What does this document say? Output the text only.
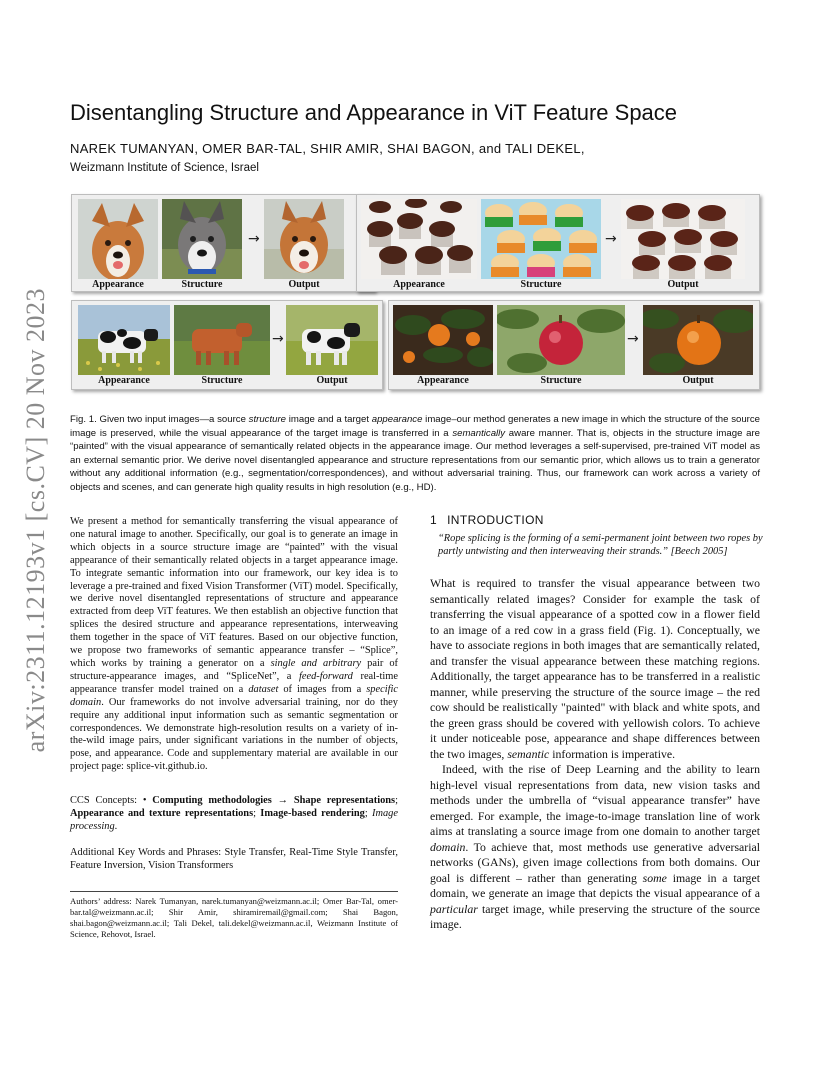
arXiv:2311.12193v1 [cs.CV] 20 Nov 2023
Disentangling Structure and Appearance in ViT Feature Space
NAREK TUMANYAN, OMER BAR-TAL, SHIR AMIR, SHAI BAGON, and TALI DEKEL,
Weizmann Institute of Science, Israel
→
Appearance	Structure	Output
→
Appearance	Structure	Output
→
Appearance	Structure	Output
→
Appearance	Structure	Output
Fig. 1. Given two input images—a source structure image and a target appearance image–our method generates a new image in which the structure of the source image is preserved, while the visual appearance of the target image is transferred in a semantically aware manner. That is, objects in the structure image are “painted” with the visual appearance of semantically related objects in the appearance image. Our method leverages a self-supervised, pre-trained ViT model as an external semantic prior. We derive novel disentangled appearance and structure representations from our semantic prior, which allows us to train a generator without any additional information (e.g., segmentation/correspondences), and without adversarial training. Thus, our framework can work across a variety of objects and scenes, and can generate high quality results in high resolution (e.g., HD).
We present a method for semantically transferring the visual appearance of one natural image to another. Specifically, our goal is to generate an image in which objects in a source structure image are “painted” with the visual appearance of their semantically related objects in a target appearance image. To integrate semantic information into our framework, our key idea is to leverage a pre-trained and fixed Vision Transformer (ViT) model. Specifically, we derive novel disentangled representations of structure and appearance extracted from deep ViT features. We then establish an objective function that splices the desired structure and appearance representations, interweaving them together in the space of ViT features. Based on our objective function, we propose two frameworks of semantic appearance transfer – “Splice”, which works by training a generator on a single and arbitrary pair of structure-appearance images, and “SpliceNet”, a feed-forward real-time appearance transfer model trained on a dataset of images from a specific domain. Our frameworks do not involve adversarial training, nor do they require any additional input information such as semantic segmentation or correspondences. We demonstrate high-resolution results on a variety of in-the-wild image pairs, under significant variations in the number of objects, pose, and appearance. Code and supplementary material are available in our project page: splice-vit.github.io.
CCS Concepts: • Computing methodologies → Shape representations; Appearance and texture representations; Image-based rendering; Image processing.
Additional Key Words and Phrases: Style Transfer, Real-Time Style Transfer, Feature Inversion, Vision Transformers
Authors’ address: Narek Tumanyan, narek.tumanyan@weizmann.ac.il; Omer Bar-Tal, omer-bar.tal@weizmann.ac.il; Shir Amir, shiramiremail@gmail.com; Shai Bagon, shai.bagon@weizmann.ac.il; Tali Dekel, tali.dekel@weizmann.ac.il, Weizmann Institute of Science, Rehovot, Israel.
1 INTRODUCTION
“Rope splicing is the forming of a semi-permanent joint between two ropes by partly untwisting and then interweaving their strands.” [Beech 2005]

What is required to transfer the visual appearance between two semantically related images? Consider for example the task of transferring the visual appearance of a spotted cow in a flower field to an image of a red cow in a grass field (Fig. 1). Conceptually, we have to associate regions in both images that are semantically related, and transfer the visual appearance between these matching regions. Additionally, the target appearance has to be transferred in a realistic manner, while preserving the structure of the source image – the red cow should be realistically "painted" with black and white spots, and the green grass should be covered with yellowish colors. To achieve it under noticeable pose, appearance and shape differences between the two images, semantic information is imperative.

Indeed, with the rise of Deep Learning and the ability to learn high-level visual representations from data, new vision tasks and methods under the umbrella of “visual appearance transfer” have emerged. For example, the image-to-image translation line of work aims at translating a source image from one domain to another target domain. To achieve that, most methods use generative adversarial networks (GANs), given image collections from both domains. Our goal is different – rather than generating some image in a target domain, we generate an image that depicts the visual appearance of a particular target image, while preserving the structure of the source image.
